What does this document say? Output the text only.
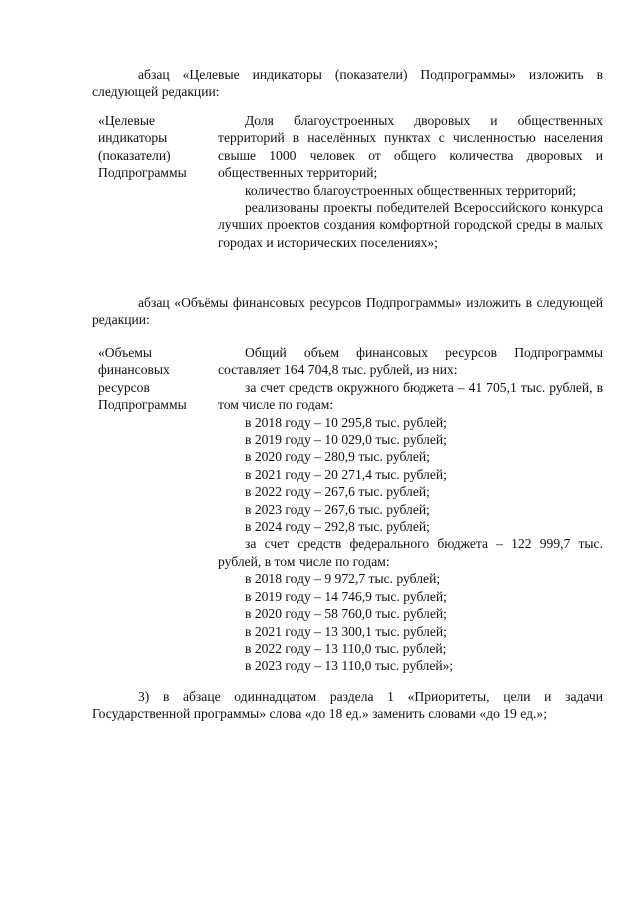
абзац «Целевые индикаторы (показатели) Подпрограммы» изложить в следующей редакции:

«Целевые
индикаторы
(показатели)
Подпрограммы

Доля благоустроенных дворовых и общественных территорий в населённых пунктах с численностью населения свыше 1000 человек от общего количества дворовых и общественных территорий;

количество благоустроенных общественных территорий;

реализованы проекты победителей Всероссийского конкурса лучших проектов создания комфортной городской среды в малых городах и исторических поселениях»;

абзац «Объёмы финансовых ресурсов Подпрограммы» изложить в следующей редакции:

«Объемы
финансовых
ресурсов
Подпрограммы

Общий объем финансовых ресурсов Подпрограммы составляет 164 704,8 тыс. рублей, из них:

за счет средств окружного бюджета – 41 705,1 тыс. рублей, в том числе по годам:

в 2018 году – 10 295,8 тыс. рублей;

в 2019 году – 10 029,0 тыс. рублей;

в 2020 году – 280,9 тыс. рублей;

в 2021 году – 20 271,4 тыс. рублей;

в 2022 году – 267,6 тыс. рублей;

в 2023 году – 267,6 тыс. рублей;

в 2024 году – 292,8 тыс. рублей;

за счет средств федерального бюджета – 122 999,7 тыс. рублей, в том числе по годам:

в 2018 году – 9 972,7 тыс. рублей;

в 2019 году – 14 746,9 тыс. рублей;

в 2020 году – 58 760,0 тыс. рублей;

в 2021 году – 13 300,1 тыс. рублей;

в 2022 году – 13 110,0 тыс. рублей;

в 2023 году – 13 110,0 тыс. рублей»;

3) в абзаце одиннадцатом раздела 1 «Приоритеты, цели и задачи Государственной программы» слова «до 18 ед.» заменить словами «до 19 ед.»;
